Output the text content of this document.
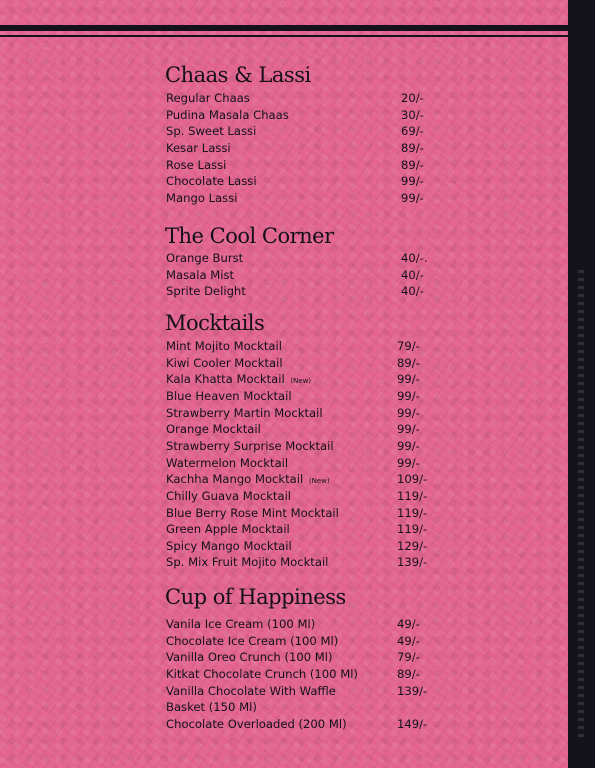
Chaas & Lassi
Regular Chaas	20/-
Pudina Masala Chaas	30/-
Sp. Sweet Lassi	69/-
Kesar Lassi	89/-
Rose Lassi	89/-
Chocolate Lassi	99/-
Mango Lassi	99/-
The Cool Corner
Orange Burst	40/-.
Masala Mist	40/-
Sprite Delight	40/-
Mocktails
Mint Mojito Mocktail	79/-
Kiwi Cooler Mocktail	89/-
Kala Khatta Mocktail (New)	99/-
Blue Heaven Mocktail	99/-
Strawberry Martin Mocktail	99/-
Orange Mocktail	99/-
Strawberry Surprise Mocktail	99/-
Watermelon Mocktail	99/-
Kachha Mango Mocktail (New)	109/-
Chilly Guava Mocktail	119/-
Blue Berry Rose Mint Mocktail	119/-
Green Apple Mocktail	119/-
Spicy Mango Mocktail	129/-
Sp. Mix Fruit Mojito Mocktail	139/-
Cup of Happiness
Vanila Ice Cream (100 Ml)	49/-
Chocolate Ice Cream (100 Ml)	49/-
Vanilla Oreo Crunch (100 Ml)	79/-
Kitkat Chocolate Crunch (100 Ml)	89/-
Vanilla Chocolate With Waffle	139/-
Basket (150 Ml)
Chocolate Overloaded (200 Ml)	149/-
